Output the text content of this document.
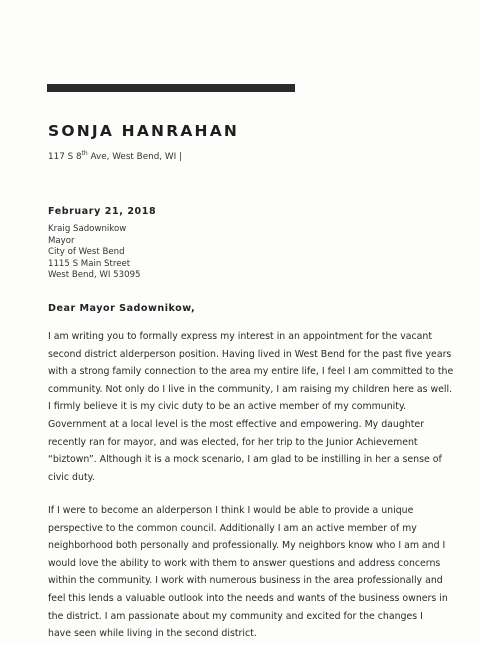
SONJA HANRAHAN
117 S 8th Ave, West Bend, WI |
February 21, 2018
Kraig Sadownikow
Mayor
City of West Bend
1115 S Main Street
West Bend, WI 53095
Dear Mayor Sadownikow,
I am writing you to formally express my interest in an appointment for the vacant
second district alderperson position. Having lived in West Bend for the past five years
with a strong family connection to the area my entire life, I feel I am committed to the
community. Not only do I live in the community, I am raising my children here as well.
I firmly believe it is my civic duty to be an active member of my community.
Government at a local level is the most effective and empowering. My daughter
recently ran for mayor, and was elected, for her trip to the Junior Achievement
“biztown”. Although it is a mock scenario, I am glad to be instilling in her a sense of
civic duty.
If I were to become an alderperson I think I would be able to provide a unique
perspective to the common council. Additionally I am an active member of my
neighborhood both personally and professionally. My neighbors know who I am and I
would love the ability to work with them to answer questions and address concerns
within the community. I work with numerous business in the area professionally and
feel this lends a valuable outlook into the needs and wants of the business owners in
the district. I am passionate about my community and excited for the changes I
have seen while living in the second district.
